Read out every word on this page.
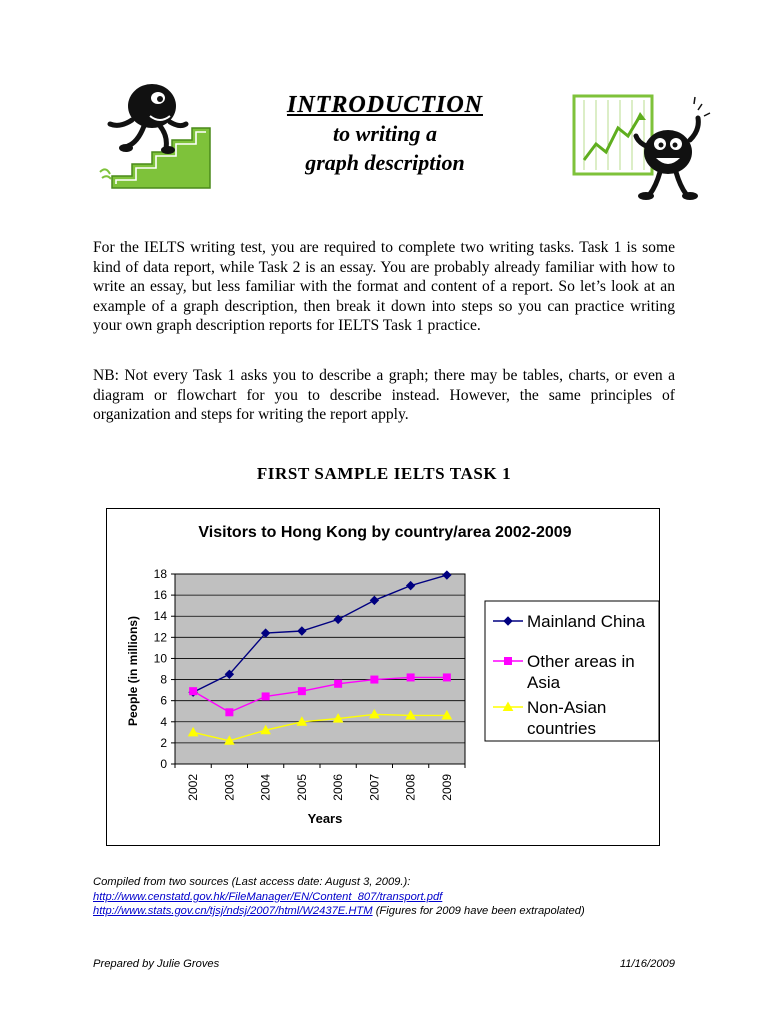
INTRODUCTION
to writing a
graph description
For the IELTS writing test, you are required to complete two writing tasks. Task 1 is some kind of data report, while Task 2 is an essay. You are probably already familiar with how to write an essay, but less familiar with the format and content of a report. So let’s look at an example of a graph description, then break it down into steps so you can practice writing your own graph description reports for IELTS Task 1 practice.
NB: Not every Task 1 asks you to describe a graph; there may be tables, charts, or even a diagram or flowchart for you to describe instead. However, the same principles of organization and steps for writing the report apply.
FIRST SAMPLE IELTS TASK 1
Visitors to Hong Kong by country/area 2002-2009
0
2
4
6
8
10
12
14
16
18
2002 2003 2004 2005 2006 2007 2008 2009
People (in millions)
Years
Mainland China
Other areas in Asia
Non-Asian countries
Compiled from two sources (Last access date: August 3, 2009.):
http://www.censtatd.gov.hk/FileManager/EN/Content_807/transport.pdf
http://www.stats.gov.cn/tjsj/ndsj/2007/html/W2437E.HTM (Figures for 2009 have been extrapolated)
Prepared by Julie Groves	11/16/2009
